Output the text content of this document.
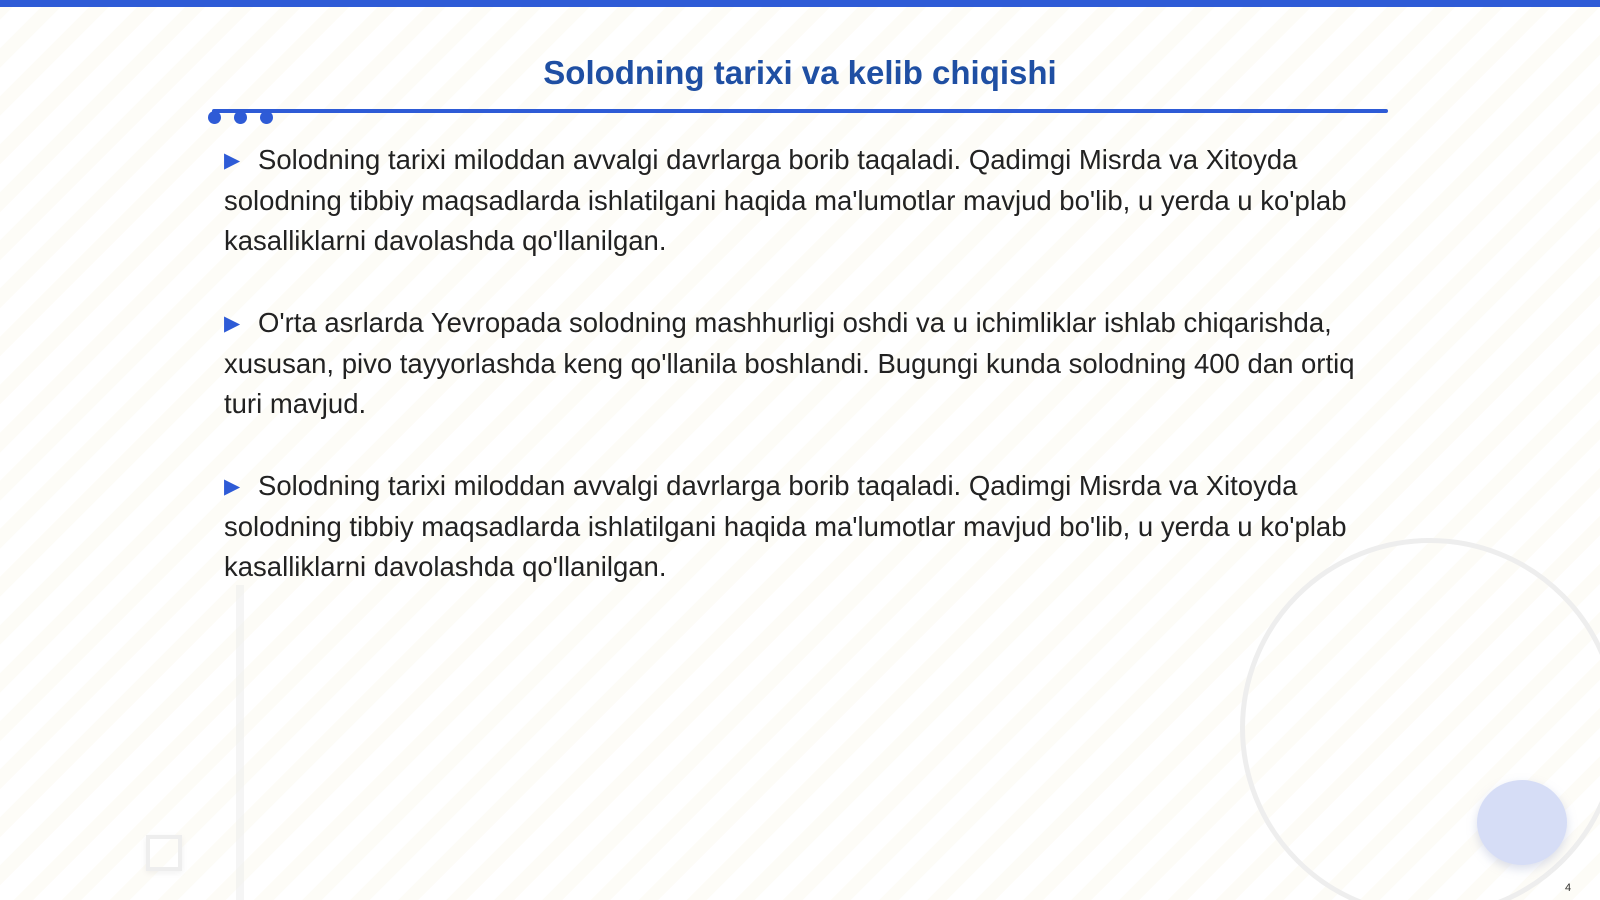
Solodning tarixi va kelib chiqishi

▶ Solodning tarixi miloddan avvalgi davrlarga borib taqaladi. Qadimgi Misrda va Xitoyda solodning tibbiy maqsadlarda ishlatilgani haqida ma'lumotlar mavjud bo'lib, u yerda u ko'plab kasalliklarni davolashda qo'llanilgan.

▶ O'rta asrlarda Yevropada solodning mashhurligi oshdi va u ichimliklar ishlab chiqarishda, xususan, pivo tayyorlashda keng qo'llanila boshlandi. Bugungi kunda solodning 400 dan ortiq turi mavjud.

▶ Solodning tarixi miloddan avvalgi davrlarga borib taqaladi. Qadimgi Misrda va Xitoyda solodning tibbiy maqsadlarda ishlatilgani haqida ma'lumotlar mavjud bo'lib, u yerda u ko'plab kasalliklarni davolashda qo'llanilgan.

4
